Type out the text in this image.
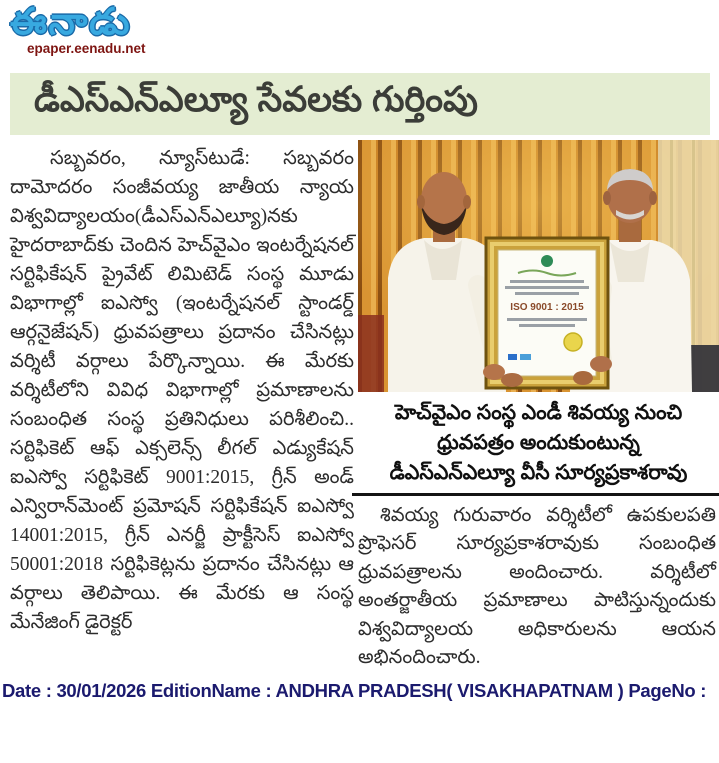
ఈనాడు
epaper.eenadu.net
డీఎస్ఎన్ఎల్యూ సేవలకు గుర్తింపు

సబ్బవరం, న్యూస్‌టుడే: సబ్బవరం దామోదరం సంజీవయ్య జాతీయ న్యాయ విశ్వవిద్యాలయం(డీఎస్ఎన్ఎల్యూ)నకు హైదరాబాద్‌కు చెందిన హెచ్‌వైఎం ఇంటర్నేషనల్ సర్టిఫికేషన్ ప్రైవేట్ లిమిటెడ్ సంస్థ మూడు విభాగాల్లో ఐఎస్వో (ఇంటర్నేషనల్ స్టాండర్డ్ ఆర్గనైజేషన్) ధ్రువపత్రాలు ప్రదానం చేసినట్లు వర్శిటీ వర్గాలు పేర్కొన్నాయి. ఈ మేరకు వర్శిటీలోని వివిధ విభాగాల్లో ప్రమాణాలను సంబంధిత సంస్థ ప్రతినిధులు పరిశీలించి.. సర్టిఫికెట్ ఆఫ్ ఎక్సలెన్స్ లీగల్ ఎడ్యుకేషన్ ఐఎస్వో సర్టిఫికెట్ 9001:2015, గ్రీన్ అండ్ ఎన్విరాన్‌మెంట్ ప్రమోషన్ సర్టిఫికేషన్ ఐఎస్వో 14001:2015, గ్రీన్ ఎనర్జీ ప్రాక్టీసెస్ ఐఎస్వో 50001:2018 సర్టిఫికెట్లను ప్రదానం చేసినట్లు ఆ వర్గాలు తెలిపాయి. ఈ మేరకు ఆ సంస్థ మేనేజింగ్ డైరెక్టర్

ISO 9001 : 2015
హెచ్‌వైఎం సంస్థ ఎండీ శివయ్య నుంచి
ధ్రువపత్రం అందుకుంటున్న
డీఎస్ఎన్ఎల్యూ వీసీ సూర్యప్రకాశరావు

శివయ్య గురువారం వర్శిటీలో ఉపకులపతి ప్రొఫెసర్ సూర్యప్రకాశరావుకు సంబంధిత ధ్రువపత్రాలను అందించారు. వర్శిటీలో అంతర్జాతీయ ప్రమాణాలు పాటిస్తున్నందుకు విశ్వవిద్యాలయ అధికారులను ఆయన అభినందించారు.

Date : 30/01/2026 EditionName : ANDHRA PRADESH( VISAKHAPATNAM ) PageNo :
